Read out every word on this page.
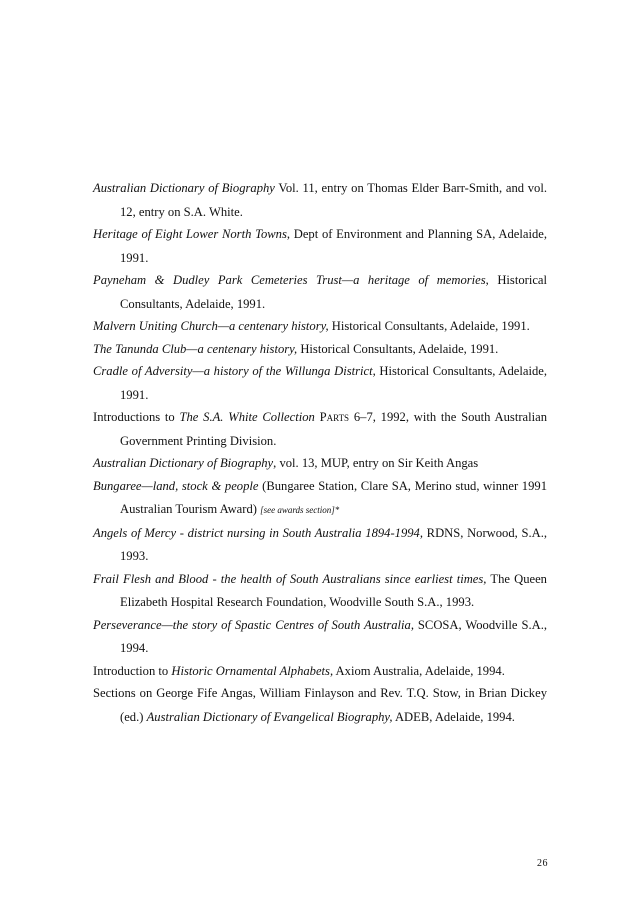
Australian Dictionary of Biography Vol. 11, entry on Thomas Elder Barr-Smith, and vol. 12, entry on S.A. White.

Heritage of Eight Lower North Towns, Dept of Environment and Planning SA, Adelaide, 1991.

Payneham & Dudley Park Cemeteries Trust—a heritage of memories, Historical Consultants, Adelaide, 1991.

Malvern Uniting Church—a centenary history, Historical Consultants, Adelaide, 1991.

The Tanunda Club—a centenary history, Historical Consultants, Adelaide, 1991.

Cradle of Adversity—a history of the Willunga District, Historical Consultants, Adelaide, 1991.

Introductions to The S.A. White Collection Parts 6–7, 1992, with the South Australian Government Printing Division.

Australian Dictionary of Biography, vol. 13, MUP, entry on Sir Keith Angas

Bungaree—land, stock & people (Bungaree Station, Clare SA, Merino stud, winner 1991 Australian Tourism Award) [see awards section]*

Angels of Mercy - district nursing in South Australia 1894-1994, RDNS, Norwood, S.A., 1993.

Frail Flesh and Blood - the health of South Australians since earliest times, The Queen Elizabeth Hospital Research Foundation, Woodville South S.A., 1993.

Perseverance—the story of Spastic Centres of South Australia, SCOSA, Woodville S.A., 1994.

Introduction to Historic Ornamental Alphabets, Axiom Australia, Adelaide, 1994.

Sections on George Fife Angas, William Finlayson and Rev. T.Q. Stow, in Brian Dickey (ed.) Australian Dictionary of Evangelical Biography, ADEB, Adelaide, 1994.

26
